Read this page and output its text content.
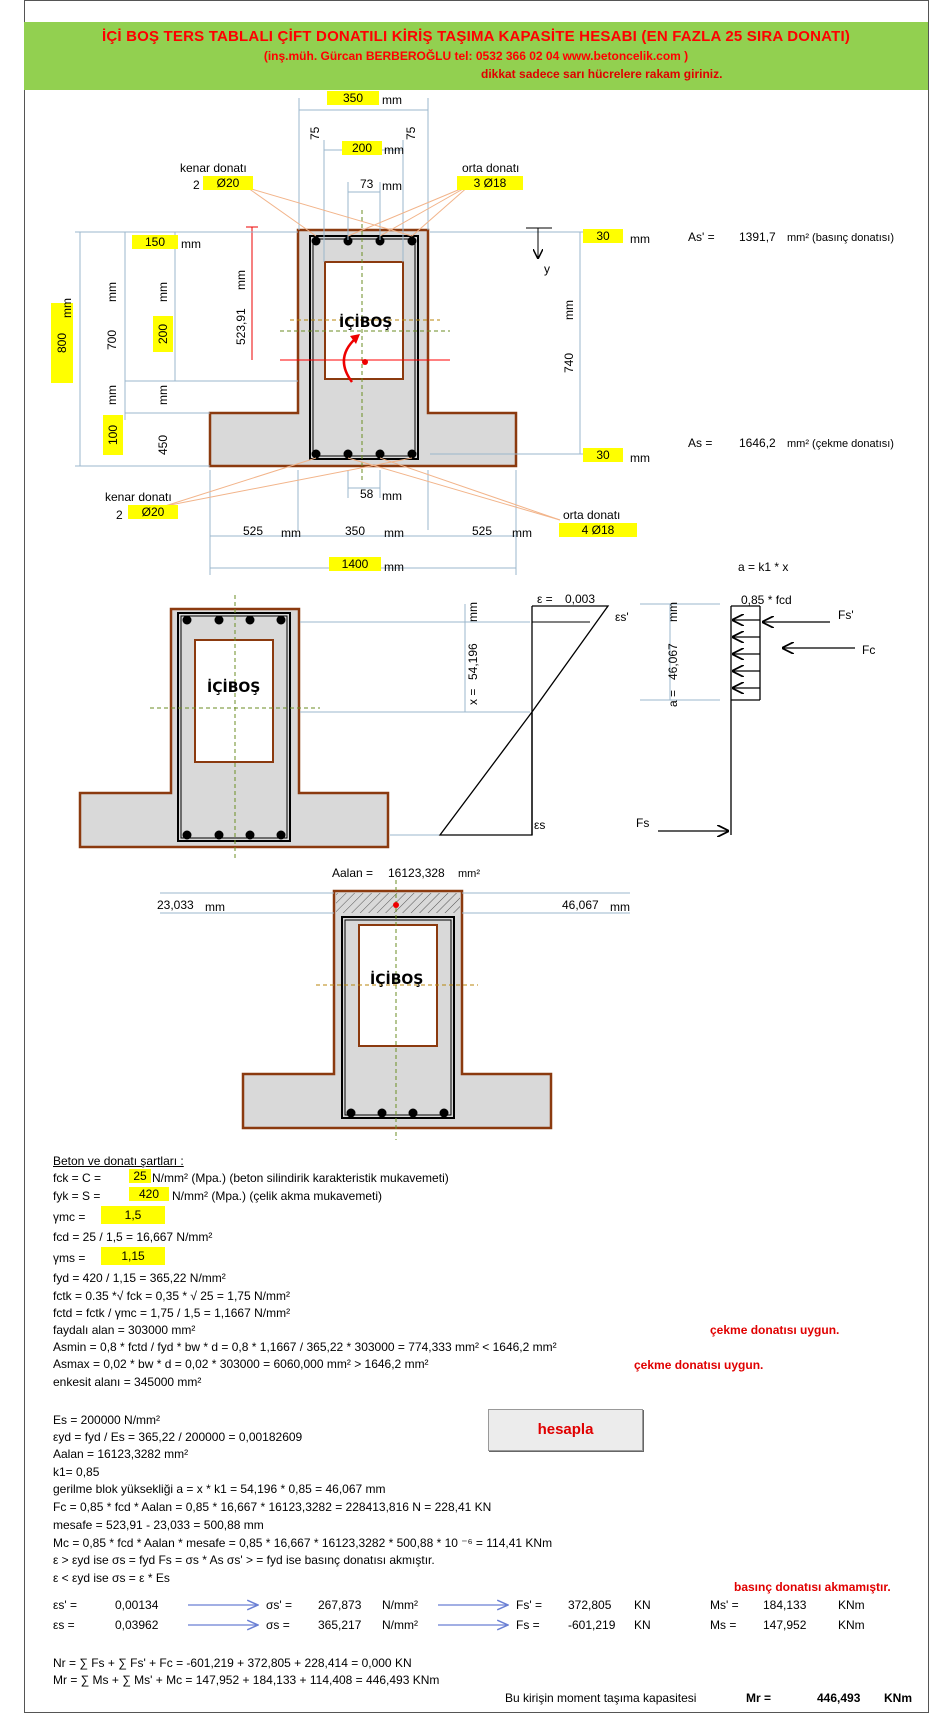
İÇİ BOŞ TERS TABLALI ÇİFT DONATILI KİRİŞ TAŞIMA KAPASİTE HESABI (EN FAZLA 25 SIRA DONATI)
(inş.müh. Gürcan BERBEROĞLU tel: 0532 366 02 04 www.betoncelik.com )
dikkat sadece sarı hücrelere rakam giriniz.
350	mm
75	75
200 mm
73 mm
kenar donatı
2	Ø20
orta donatı
3 Ø18
150	mm
30	mm
y
As' = 1391,7 mm² (basınç donatısı)
800
mm
700
mm
200
mm
523,91
mm
740
mm
mm	mm
100	450
İÇİBOŞ
30	mm
As = 1646,2 mm² (çekme donatısı)
58 mm
kenar donatı
2	Ø20	orta donatı
4 Ø18
525 mm	350 mm	525 mm
1400	mm	a = k1 * x
ε = 0,003	0,85 * fcd
εs'	Fs'
Fc
İÇİBOŞ
x =
54,196
mm
a =
46,067
mm
εs	Fs
Aalan = 16123,328 mm²
23,033 mm	46,067 mm
İÇİBOŞ
Beton ve donatı şartları :
fck = C =	25 N/mm² (Mpa.) (beton silindirik karakteristik mukavemeti)
fyk = S =	420	N/mm² (Mpa.) (çelik akma mukavemeti)
γmc =	1,5
fcd = 25 / 1,5 = 16,667 N/mm²
γms =	1,15
fyd = 420 / 1,15 = 365,22 N/mm²
fctk = 0.35 *√ fck = 0,35 * √ 25 = 1,75 N/mm²
fctd = fctk / γmc = 1,75 / 1,5 = 1,1667 N/mm²
faydalı alan = 303000 mm²	çekme donatısı uygun.
Asmin = 0,8 * fctd / fyd * bw * d = 0,8 * 1,1667 / 365,22 * 303000 = 774,333 mm² < 1646,2 mm²
Asmax = 0,02 * bw * d = 0,02 * 303000 = 6060,000 mm² > 1646,2 mm²	çekme donatısı uygun.
enkesit alanı = 345000 mm²
Es = 200000 N/mm²
εyd = fyd / Es = 365,22 / 200000 = 0,00182609
Aalan = 16123,3282 mm²
k1= 0,85
hesapla
gerilme blok yüksekliği a = x * k1 = 54,196 * 0,85 = 46,067 mm
Fc = 0,85 * fcd * Aalan = 0,85 * 16,667 * 16123,3282 = 228413,816 N = 228,41 KN
mesafe = 523,91 - 23,033 = 500,88 mm
Mc = 0,85 * fcd * Aalan * mesafe = 0,85 * 16,667 * 16123,3282 * 500,88 * 10 ⁻⁶ = 114,41 KNm
ε > εyd ise σs = fyd Fs = σs * As σs' > = fyd ise basınç donatısı akmıştır.
ε < εyd ise σs = ε * Es
basınç donatısı akmamıştır.
εs' =	0,00134	σs' = 267,873 N/mm²	Fs' = 372,805 KN	Ms' = 184,133	KNm
εs =	0,03962	σs = 365,217 N/mm²	Fs = -601,219 KN	Ms = 147,952	KNm
Nr = ∑ Fs + ∑ Fs' + Fc = -601,219 + 372,805 + 228,414 = 0,000 KN
Mr = ∑ Ms + ∑ Ms' + Mc = 147,952 + 184,133 + 114,408 = 446,493 KNm
Bu kirişin moment taşıma kapasitesi	Mr =	446,493 KNm
